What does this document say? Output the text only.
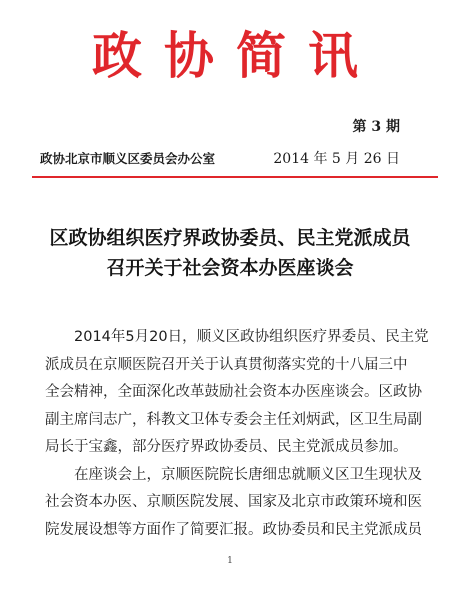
政协简讯
第 3 期
政协北京市顺义区委员会办公室	2014 年 5 月 26 日
区政协组织医疗界政协委员、民主党派成员
召开关于社会资本办医座谈会
　　2014年5月20日，顺义区政协组织医疗界委员、民主党
派成员在京顺医院召开关于认真贯彻落实党的十八届三中
全会精神，全面深化改革鼓励社会资本办医座谈会。区政协
副主席闫志广，科教文卫体专委会主任刘炳武，区卫生局副
局长于宝鑫，部分医疗界政协委员、民主党派成员参加。
　　在座谈会上，京顺医院院长唐细忠就顺义区卫生现状及
社会资本办医、京顺医院发展、国家及北京市政策环境和医
院发展设想等方面作了简要汇报。政协委员和民主党派成员
1
